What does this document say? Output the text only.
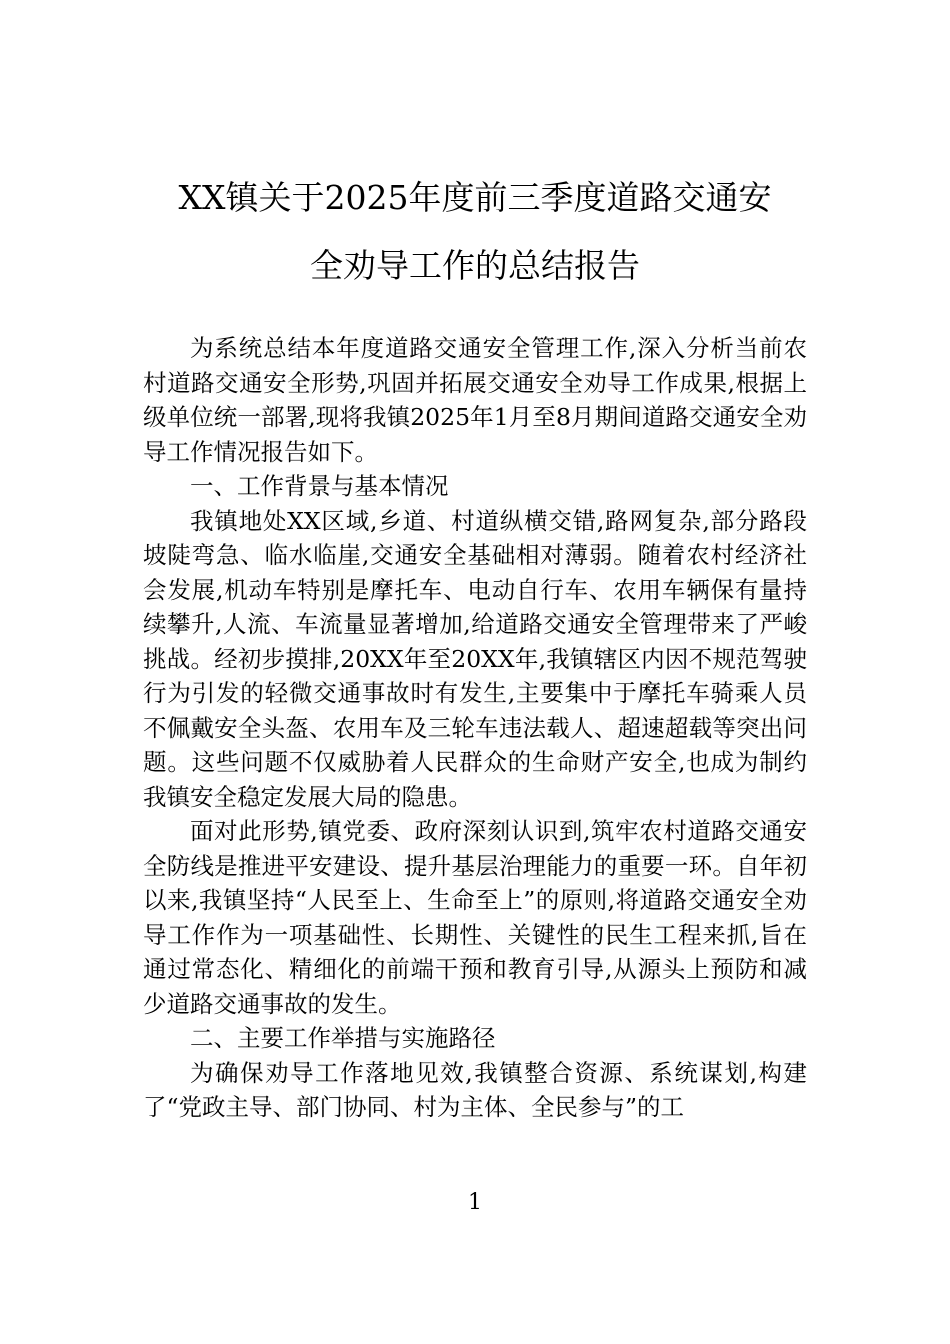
XX镇关于2025年度前三季度道路交通安
全劝导工作的总结报告

为系统总结本年度道路交通安全管理工作,深入分析当前农村道路交通安全形势,巩固并拓展交通安全劝导工作成果,根据上级单位统一部署,现将我镇2025年1月至8月期间道路交通安全劝导工作情况报告如下。

一、工作背景与基本情况

我镇地处XX区域,乡道、村道纵横交错,路网复杂,部分路段坡陡弯急、临水临崖,交通安全基础相对薄弱。随着农村经济社会发展,机动车特别是摩托车、电动自行车、农用车辆保有量持续攀升,人流、车流量显著增加,给道路交通安全管理带来了严峻挑战。经初步摸排,20XX年至20XX年,我镇辖区内因不规范驾驶行为引发的轻微交通事故时有发生,主要集中于摩托车骑乘人员不佩戴安全头盔、农用车及三轮车违法载人、超速超载等突出问题。这些问题不仅威胁着人民群众的生命财产安全,也成为制约我镇安全稳定发展大局的隐患。

面对此形势,镇党委、政府深刻认识到,筑牢农村道路交通安全防线是推进平安建设、提升基层治理能力的重要一环。自年初以来,我镇坚持“人民至上、生命至上”的原则,将道路交通安全劝导工作作为一项基础性、长期性、关键性的民生工程来抓,旨在通过常态化、精细化的前端干预和教育引导,从源头上预防和减少道路交通事故的发生。

二、主要工作举措与实施路径

为确保劝导工作落地见效,我镇整合资源、系统谋划,构建了“党政主导、部门协同、村为主体、全民参与”的工

1
